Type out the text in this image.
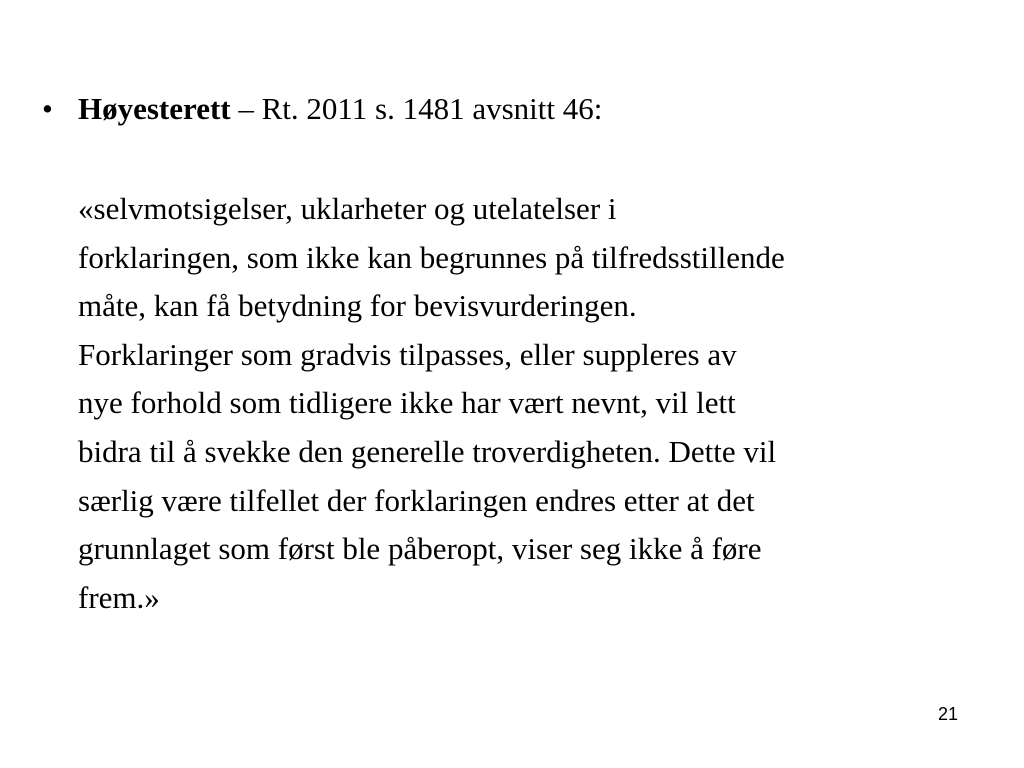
• Høyesterett – Rt. 2011 s. 1481 avsnitt 46:
«selvmotsigelser, uklarheter og utelatelser i
forklaringen, som ikke kan begrunnes på tilfredsstillende
måte, kan få betydning for bevisvurderingen.
Forklaringer som gradvis tilpasses, eller suppleres av
nye forhold som tidligere ikke har vært nevnt, vil lett
bidra til å svekke den generelle troverdigheten. Dette vil
særlig være tilfellet der forklaringen endres etter at det
grunnlaget som først ble påberopt, viser seg ikke å føre
frem.»
21
